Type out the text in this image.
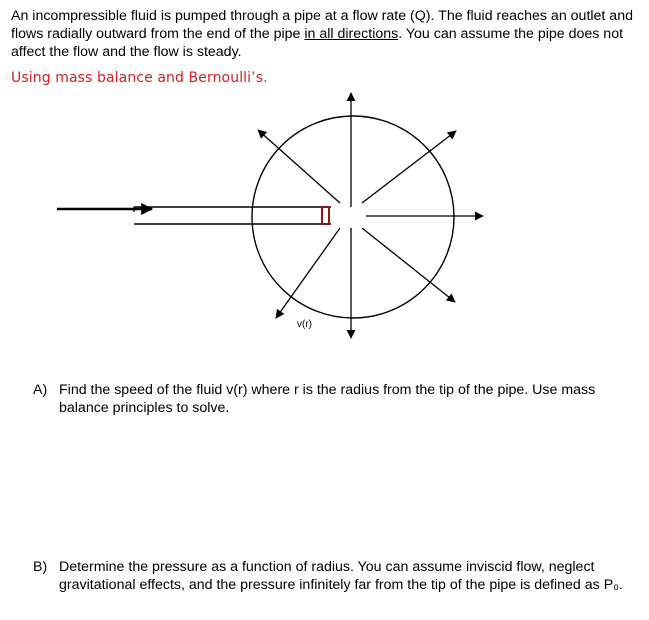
An incompressible fluid is pumped through a pipe at a flow rate (Q). The fluid reaches an outlet and flows radially outward from the end of the pipe in all directions. You can assume the pipe does not affect the flow and the flow is steady.
Using mass balance and Bernoulli’s.
v(r)
A) Find the speed of the fluid v(r) where r is the radius from the tip of the pipe. Use mass balance principles to solve.
B) Determine the pressure as a function of radius. You can assume inviscid flow, neglect gravitational effects, and the pressure infinitely far from the tip of the pipe is defined as P₀.
